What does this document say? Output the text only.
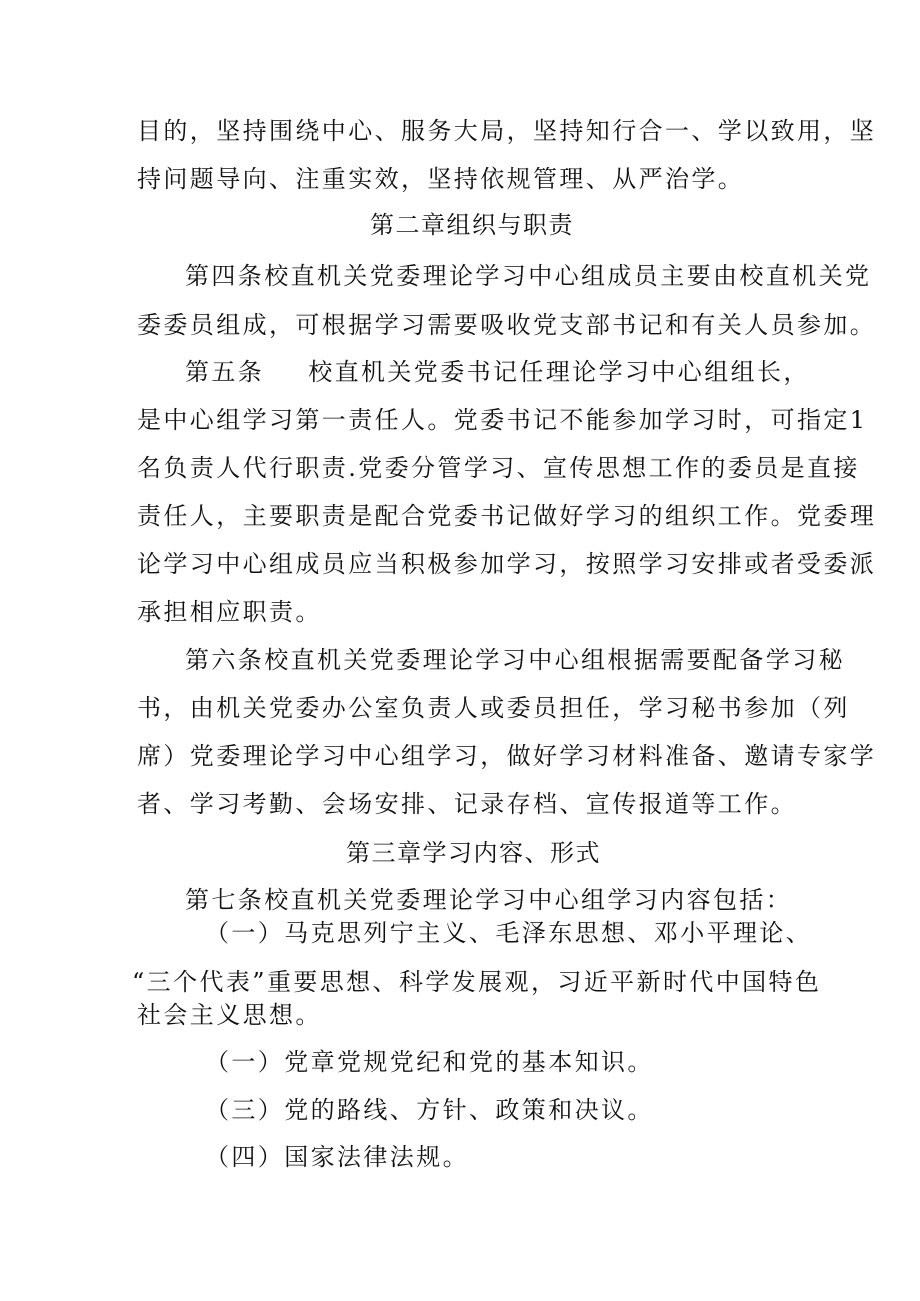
目的，坚持围绕中心、服务大局，坚持知行合一、学以致用，坚
持问题导向、注重实效，坚持依规管理、从严治学。
第二章组织与职责
第四条校直机关党委理论学习中心组成员主要由校直机关党
委委员组成，可根据学习需要吸收党支部书记和有关人员参加。
第五条 校直机关党委书记任理论学习中心组组长，
是中心组学习第一责任人。党委书记不能参加学习时，可指定1
名负责人代行职责.党委分管学习、宣传思想工作的委员是直接
责任人，主要职责是配合党委书记做好学习的组织工作。党委理
论学习中心组成员应当积极参加学习，按照学习安排或者受委派
承担相应职责。
第六条校直机关党委理论学习中心组根据需要配备学习秘
书，由机关党委办公室负责人或委员担任，学习秘书参加（列
席）党委理论学习中心组学习，做好学习材料准备、邀请专家学
者、学习考勤、会场安排、记录存档、宣传报道等工作。
第三章学习内容、形式
第七条校直机关党委理论学习中心组学习内容包括：
（一）马克思列宁主义、毛泽东思想、邓小平理论、
“三个代表”重要思想、科学发展观，习近平新时代中国特色
社会主义思想。
（一）党章党规党纪和党的基本知识。
（三）党的路线、方针、政策和决议。
（四）国家法律法规。
